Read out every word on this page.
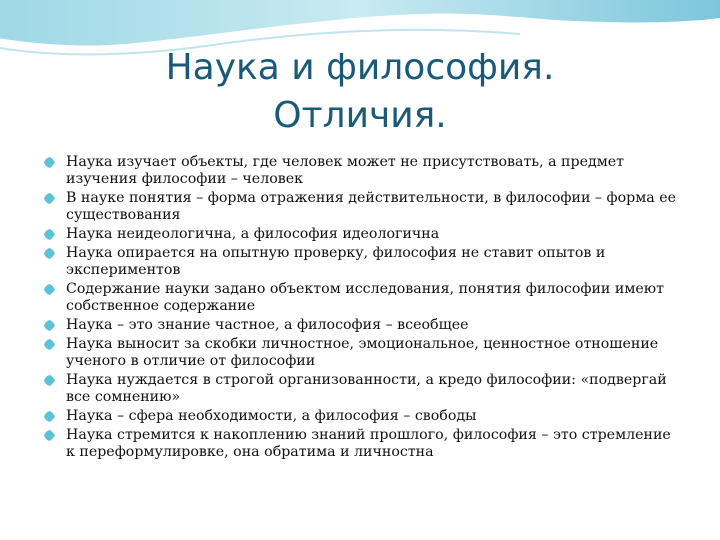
Наука и философия.
Отличия.
Наука изучает объекты, где человек может не присутствовать, а предмет изучения философии – человек
В науке понятия – форма отражения действительности, в философии – форма ее существования
Наука неидеологична, а философия идеологична
Наука опирается на опытную проверку, философия не ставит опытов и экспериментов
Содержание науки задано объектом исследования, понятия философии имеют собственное содержание
Наука – это знание частное, а философия – всеобщее
Наука выносит за скобки личностное, эмоциональное, ценностное отношение ученого в отличие от философии
Наука нуждается в строгой организованности, а кредо философии: «подвергай все сомнению»
Наука – сфера необходимости, а философия – свободы
Наука стремится к накоплению знаний прошлого, философия – это стремление к переформулировке, она обратима и личностна
